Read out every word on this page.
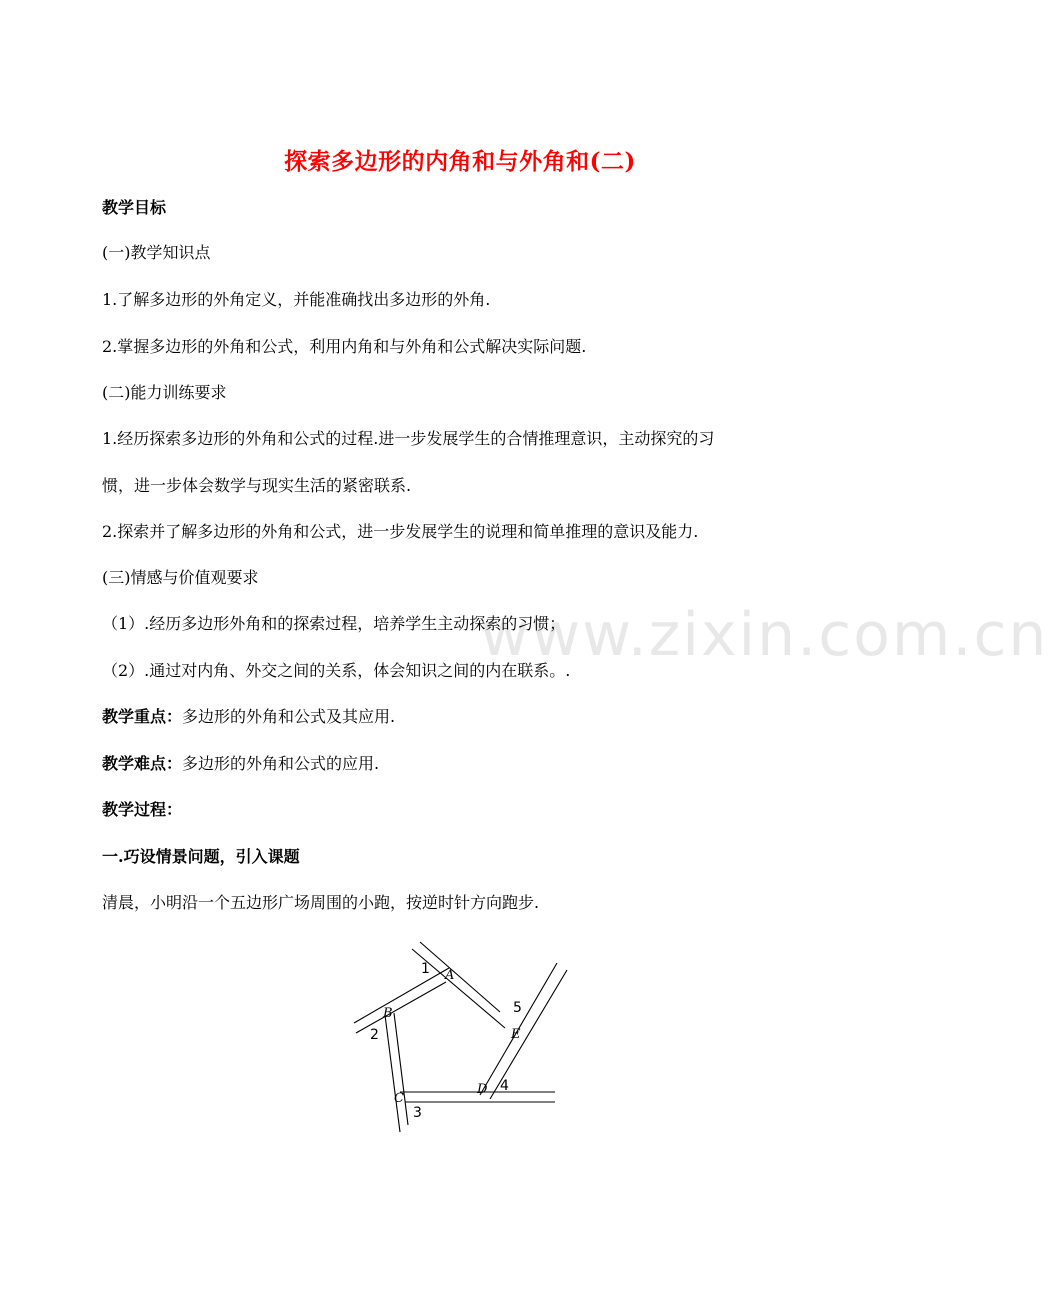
www.zixin.com.cn
探索多边形的内角和与外角和(二)
教学目标
(一)教学知识点
1.了解多边形的外角定义，并能准确找出多边形的外角.
2.掌握多边形的外角和公式，利用内角和与外角和公式解决实际问题.
(二)能力训练要求
1.经历探索多边形的外角和公式的过程.进一步发展学生的合情推理意识，主动探究的习
惯，进一步体会数学与现实生活的紧密联系.
2.探索并了解多边形的外角和公式，进一步发展学生的说理和简单推理的意识及能力.
(三)情感与价值观要求
（1）.经历多边形外角和的探索过程，培养学生主动探索的习惯；
（2）.通过对内角、外交之间的关系，体会知识之间的内在联系。.
教学重点：多边形的外角和公式及其应用.
教学难点：多边形的外角和公式的应用.
教学过程：
一.巧设情景问题，引入课题
清晨，小明沿一个五边形广场周围的小跑，按逆时针方向跑步.
A
B
C
D
E
1
2
3
4
5
